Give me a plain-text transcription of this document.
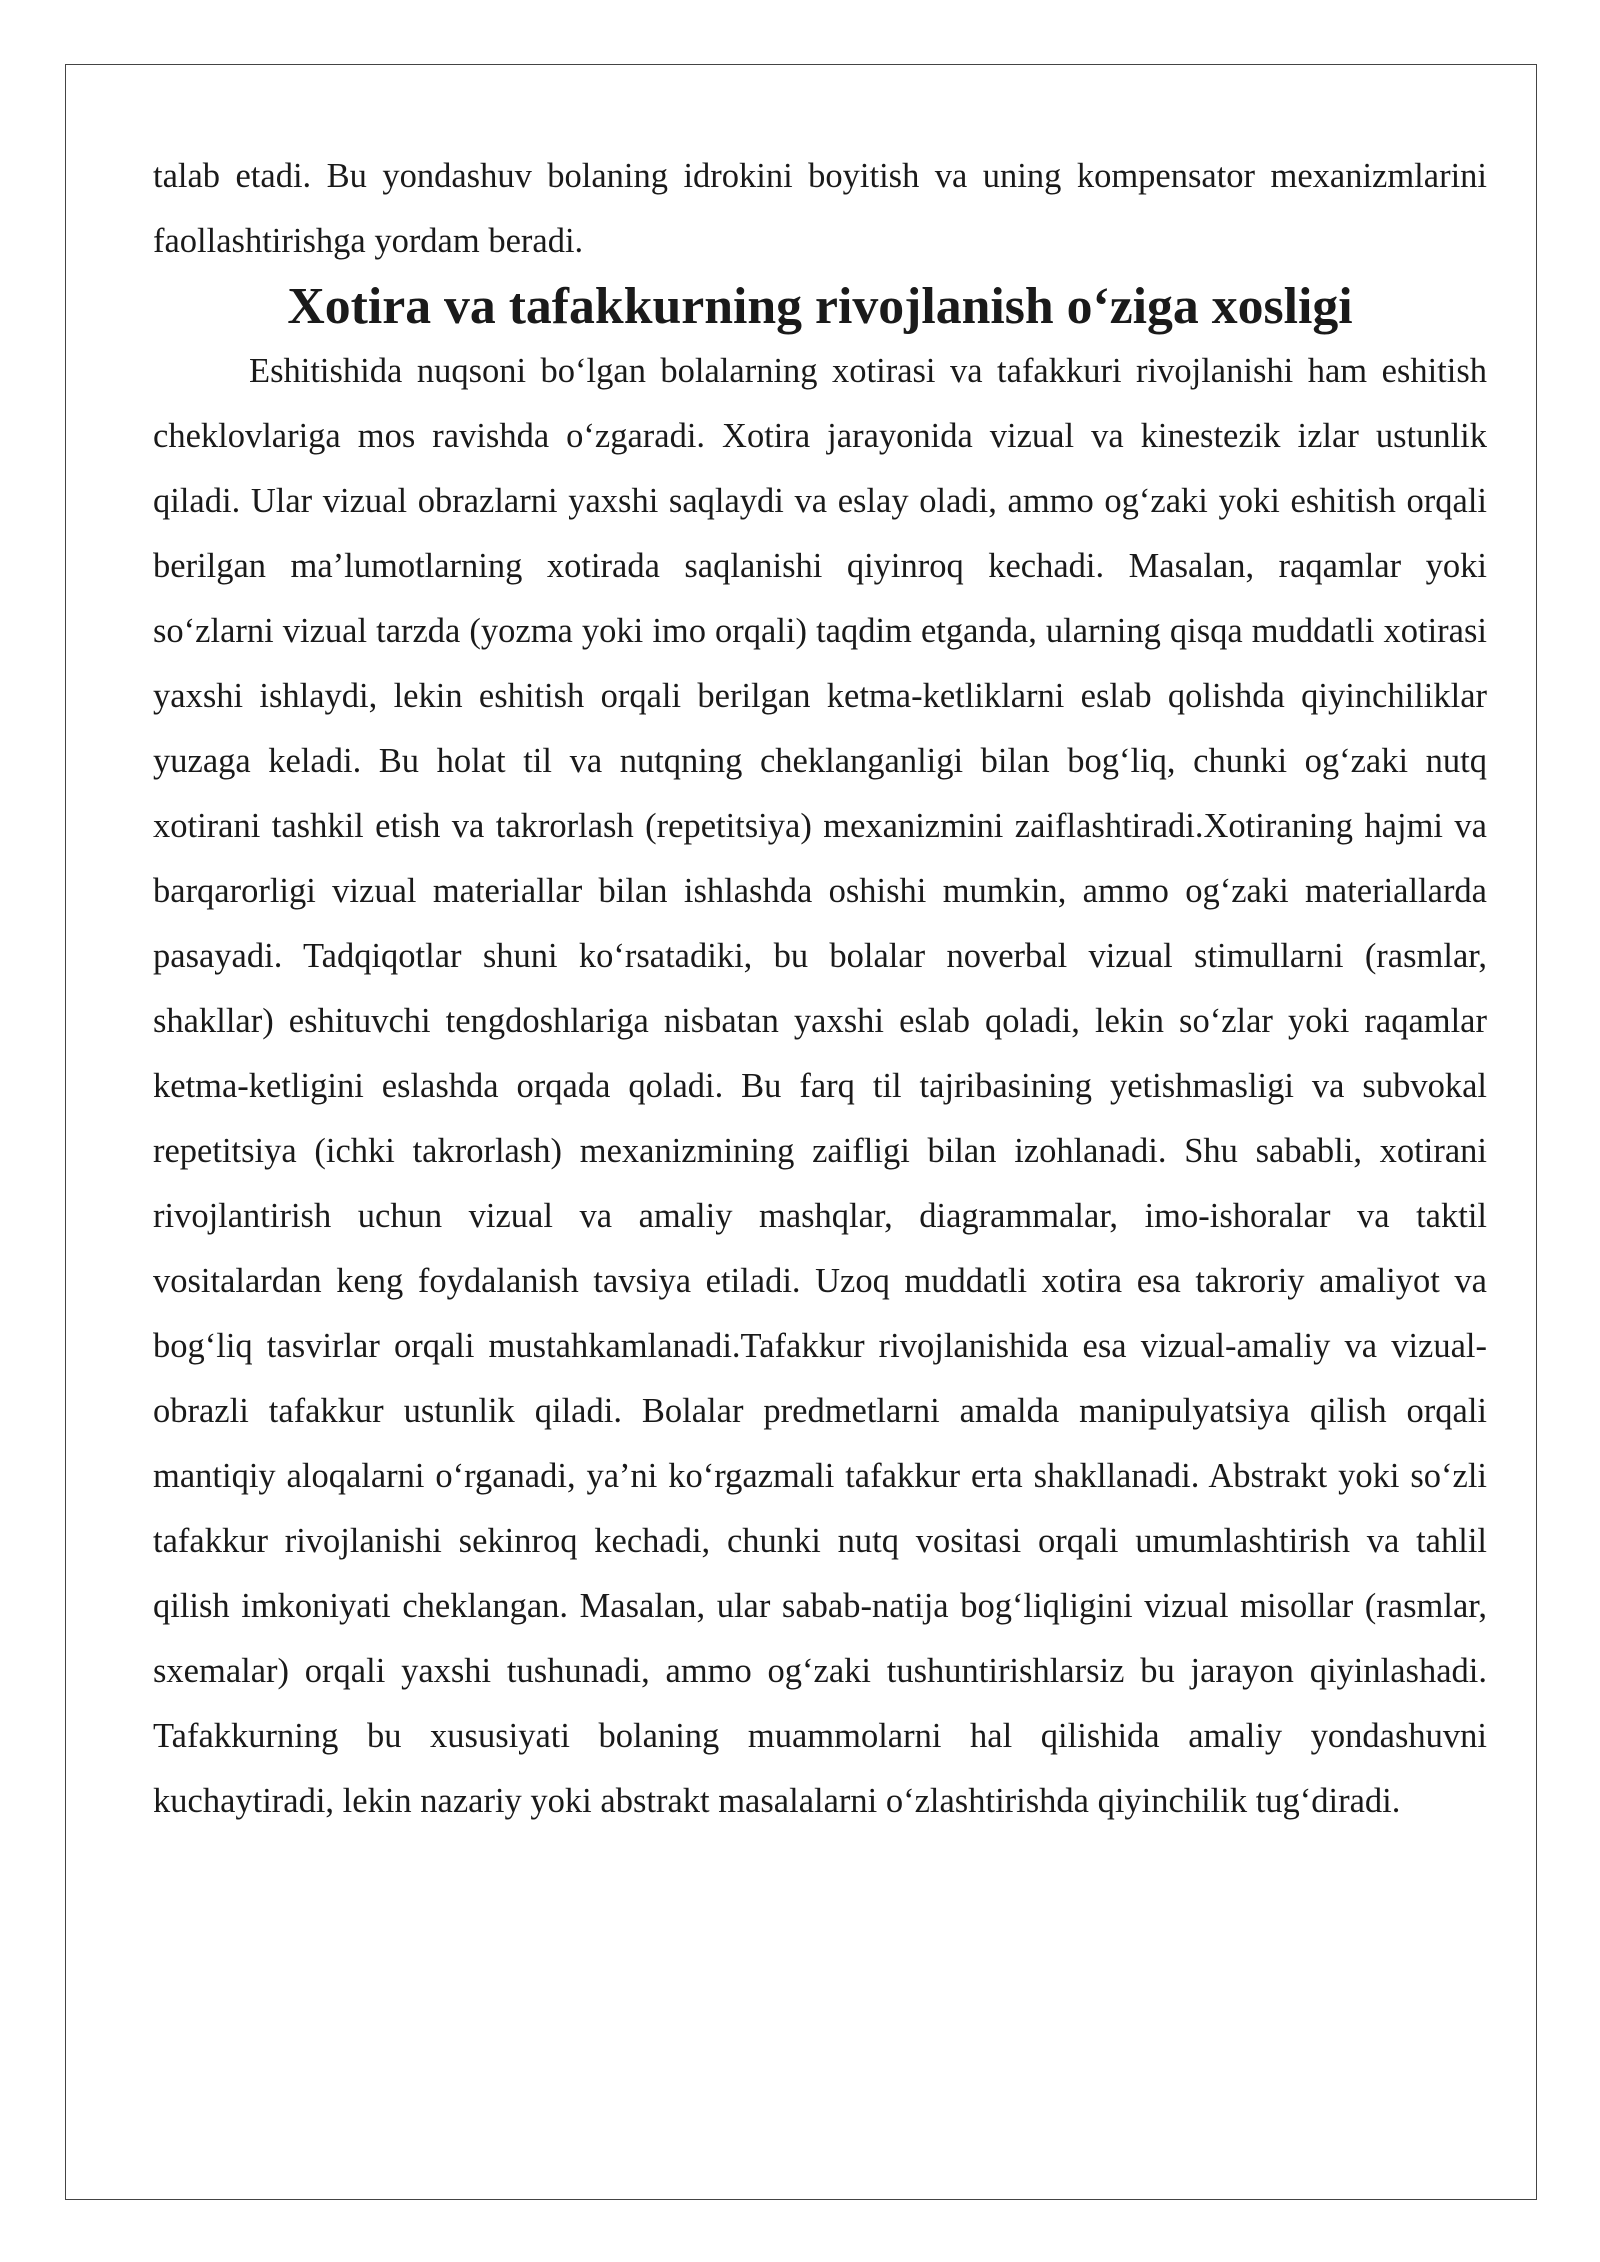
talab etadi. Bu yondashuv bolaning idrokini boyitish va uning kompensator mexanizmlarini faollashtirishga yordam beradi.

Xotira va tafakkurning rivojlanish o‘ziga xosligi

Eshitishida nuqsoni bo‘lgan bolalarning xotirasi va tafakkuri rivojlanishi ham eshitish cheklovlariga mos ravishda o‘zgaradi. Xotira jarayonida vizual va kinestezik izlar ustunlik qiladi. Ular vizual obrazlarni yaxshi saqlaydi va eslay oladi, ammo og‘zaki yoki eshitish orqali berilgan ma’lumotlarning xotirada saqlanishi qiyinroq kechadi. Masalan, raqamlar yoki so‘zlarni vizual tarzda (yozma yoki imo orqali) taqdim etganda, ularning qisqa muddatli xotirasi yaxshi ishlaydi, lekin eshitish orqali berilgan ketma-ketliklarni eslab qolishda qiyinchiliklar yuzaga keladi. Bu holat til va nutqning cheklanganligi bilan bog‘liq, chunki og‘zaki nutq xotirani tashkil etish va takrorlash (repetitsiya) mexanizmini zaiflashtiradi.Xotiraning hajmi va barqarorligi vizual materiallar bilan ishlashda oshishi mumkin, ammo og‘zaki materiallarda pasayadi. Tadqiqotlar shuni ko‘rsatadiki, bu bolalar noverbal vizual stimullarni (rasmlar, shakllar) eshituvchi tengdoshlariga nisbatan yaxshi eslab qoladi, lekin so‘zlar yoki raqamlar ketma-ketligini eslashda orqada qoladi. Bu farq til tajribasining yetishmasligi va subvokal repetitsiya (ichki takrorlash) mexanizmining zaifligi bilan izohlanadi. Shu sababli, xotirani rivojlantirish uchun vizual va amaliy mashqlar, diagrammalar, imo-ishoralar va taktil vositalardan keng foydalanish tavsiya etiladi. Uzoq muddatli xotira esa takroriy amaliyot va bog‘liq tasvirlar orqali mustahkamlanadi.Tafakkur rivojlanishida esa vizual-amaliy va vizual- obrazli tafakkur ustunlik qiladi. Bolalar predmetlarni amalda manipulyatsiya qilish orqali mantiqiy aloqalarni o‘rganadi, ya’ni ko‘rgazmali tafakkur erta shakllanadi. Abstrakt yoki so‘zli tafakkur rivojlanishi sekinroq kechadi, chunki nutq vositasi orqali umumlashtirish va tahlil qilish imkoniyati cheklangan. Masalan, ular sabab-natija bog‘liqligini vizual misollar (rasmlar, sxemalar) orqali yaxshi tushunadi, ammo og‘zaki tushuntirishlarsiz bu jarayon qiyinlashadi. Tafakkurning bu xususiyati bolaning muammolarni hal qilishida amaliy yondashuvni kuchaytiradi, lekin nazariy yoki abstrakt masalalarni o‘zlashtirishda qiyinchilik tug‘diradi.
